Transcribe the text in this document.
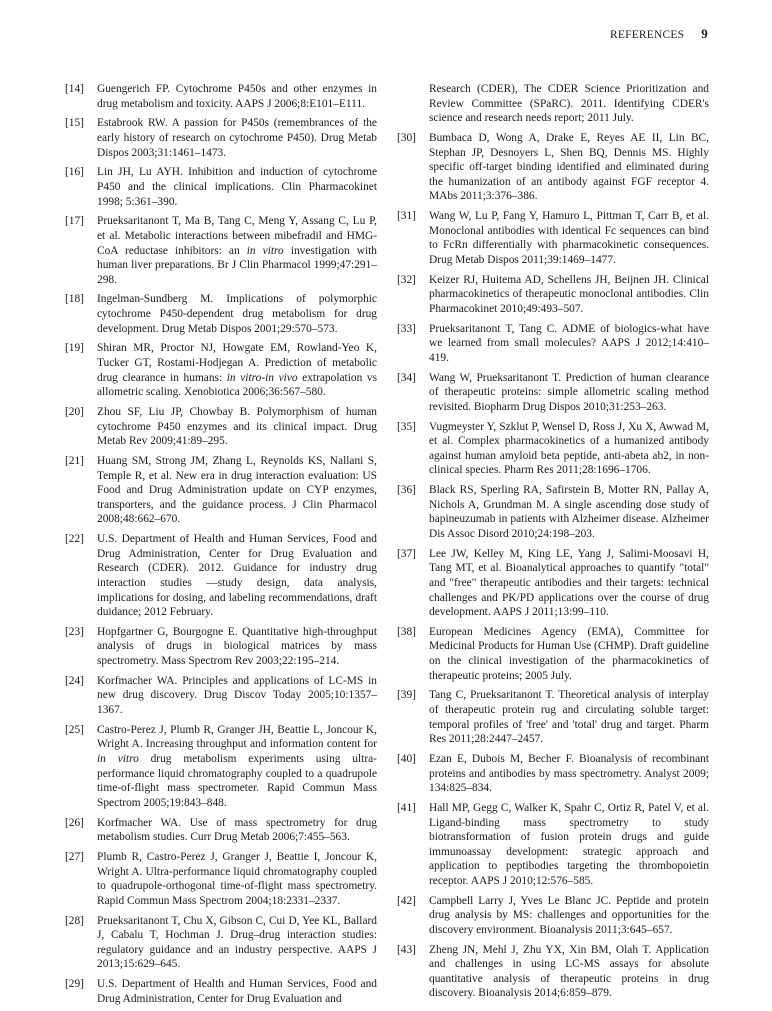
REFERENCES 9
[14]	Guengerich FP. Cytochrome P450s and other enzymes in drug metabolism and toxicity. AAPS J 2006;8:E101–E111.
[15]	Estabrook RW. A passion for P450s (remembrances of the early history of research on cytochrome P450). Drug Metab Dispos 2003;31:1461–1473.
[16]	Lin JH, Lu AYH. Inhibition and induction of cytochrome P450 and the clinical implications. Clin Pharmacokinet 1998; 5:361–390.
[17]	Prueksaritanont T, Ma B, Tang C, Meng Y, Assang C, Lu P, et al. Metabolic interactions between mibefradil and HMG-CoA reductase inhibitors: an in vitro investigation with human liver preparations. Br J Clin Pharmacol 1999;47:291–298.
[18]	Ingelman-Sundberg M. Implications of polymorphic cytochrome P450-dependent drug metabolism for drug development. Drug Metab Dispos 2001;29:570–573.
[19]	Shiran MR, Proctor NJ, Howgate EM, Rowland-Yeo K, Tucker GT, Rostami-Hodjegan A. Prediction of metabolic drug clearance in humans: in vitro-in vivo extrapolation vs allometric scaling. Xenobiotica 2006;36:567–580.
[20]	Zhou SF, Liu JP, Chowbay B. Polymorphism of human cytochrome P450 enzymes and its clinical impact. Drug Metab Rev 2009;41:89–295.
[21]	Huang SM, Strong JM, Zhang L, Reynolds KS, Nallani S, Temple R, et al. New era in drug interaction evaluation: US Food and Drug Administration update on CYP enzymes, transporters, and the guidance process. J Clin Pharmacol 2008;48:662–670.
[22]	U.S. Department of Health and Human Services, Food and Drug Administration, Center for Drug Evaluation and Research (CDER). 2012. Guidance for industry drug interaction studies —study design, data analysis, implications for dosing, and labeling recommendations, draft duidance; 2012 February.
[23]	Hopfgartner G, Bourgogne E. Quantitative high-throughput analysis of drugs in biological matrices by mass spectrometry. Mass Spectrom Rev 2003;22:195–214.
[24]	Korfmacher WA. Principles and applications of LC-MS in new drug discovery. Drug Discov Today 2005;10:1357–1367.
[25]	Castro-Perez J, Plumb R, Granger JH, Beattie L, Joncour K, Wright A. Increasing throughput and information content for in vitro drug metabolism experiments using ultra-performance liquid chromatography coupled to a quadrupole time-of-flight mass spectrometer. Rapid Commun Mass Spectrom 2005;19:843–848.
[26]	Korfmacher WA. Use of mass spectrometry for drug metabolism studies. Curr Drug Metab 2006;7:455–563.
[27]	Plumb R, Castro-Perez J, Granger J, Beattie I, Joncour K, Wright A. Ultra-performance liquid chromatography coupled to quadrupole-orthogonal time-of-flight mass spectrometry. Rapid Commun Mass Spectrom 2004;18:2331–2337.
[28]	Prueksaritanont T, Chu X, Gibson C, Cui D, Yee KL, Ballard J, Cabalu T, Hochman J. Drug–drug interaction studies: regulatory guidance and an industry perspective. AAPS J 2013;15:629–645.
[29]	U.S. Department of Health and Human Services, Food and Drug Administration, Center for Drug Evaluation and
Research (CDER), The CDER Science Prioritization and Review Committee (SPaRC). 2011. Identifying CDER's science and research needs report; 2011 July.
[30]	Bumbaca D, Wong A, Drake E, Reyes AE II, Lin BC, Stephan JP, Desnoyers L, Shen BQ, Dennis MS. Highly specific off-target binding identified and eliminated during the humanization of an antibody against FGF receptor 4. MAbs 2011;3:376–386.
[31]	Wang W, Lu P, Fang Y, Hamuro L, Pittman T, Carr B, et al. Monoclonal antibodies with identical Fc sequences can bind to FcRn differentially with pharmacokinetic consequences. Drug Metab Dispos 2011;39:1469–1477.
[32]	Keizer RJ, Huitema AD, Schellens JH, Beijnen JH. Clinical pharmacokinetics of therapeutic monoclonal antibodies. Clin Pharmacokinet 2010;49:493–507.
[33]	Prueksaritanont T, Tang C. ADME of biologics-what have we learned from small molecules? AAPS J 2012;14:410–419.
[34]	Wang W, Prueksaritanont T. Prediction of human clearance of therapeutic proteins: simple allometric scaling method revisited. Biopharm Drug Dispos 2010;31:253–263.
[35]	Vugmeyster Y, Szklut P, Wensel D, Ross J, Xu X, Awwad M, et al. Complex pharmacokinetics of a humanized antibody against human amyloid beta peptide, anti-abeta ab2, in non-clinical species. Pharm Res 2011;28:1696–1706.
[36]	Black RS, Sperling RA, Safirstein B, Motter RN, Pallay A, Nichols A, Grundman M. A single ascending dose study of bapineuzumab in patients with Alzheimer disease. Alzheimer Dis Assoc Disord 2010;24:198–203.
[37]	Lee JW, Kelley M, King LE, Yang J, Salimi-Moosavi H, Tang MT, et al. Bioanalytical approaches to quantify "total" and "free" therapeutic antibodies and their targets: technical challenges and PK/PD applications over the course of drug development. AAPS J 2011;13:99–110.
[38]	European Medicines Agency (EMA), Committee for Medicinal Products for Human Use (CHMP). Draft guideline on the clinical investigation of the pharmacokinetics of therapeutic proteins; 2005 July.
[39]	Tang C, Prueksaritanont T. Theoretical analysis of interplay of therapeutic protein rug and circulating soluble target: temporal profiles of 'free' and 'total' drug and target. Pharm Res 2011;28:2447–2457.
[40]	Ezan E, Dubois M, Becher F. Bioanalysis of recombinant proteins and antibodies by mass spectrometry. Analyst 2009; 134:825–834.
[41]	Hall MP, Gegg C, Walker K, Spahr C, Ortiz R, Patel V, et al. Ligand-binding mass spectrometry to study biotransformation of fusion protein drugs and guide immunoassay development: strategic approach and application to peptibodies targeting the thrombopoietin receptor. AAPS J 2010;12:576–585.
[42]	Campbell Larry J, Yves Le Blanc JC. Peptide and protein drug analysis by MS: challenges and opportunities for the discovery environment. Bioanalysis 2011;3:645–657.
[43]	Zheng JN, Mehl J, Zhu YX, Xin BM, Olah T. Application and challenges in using LC-MS assays for absolute quantitative analysis of therapeutic proteins in drug discovery. Bioanalysis 2014;6:859–879.
